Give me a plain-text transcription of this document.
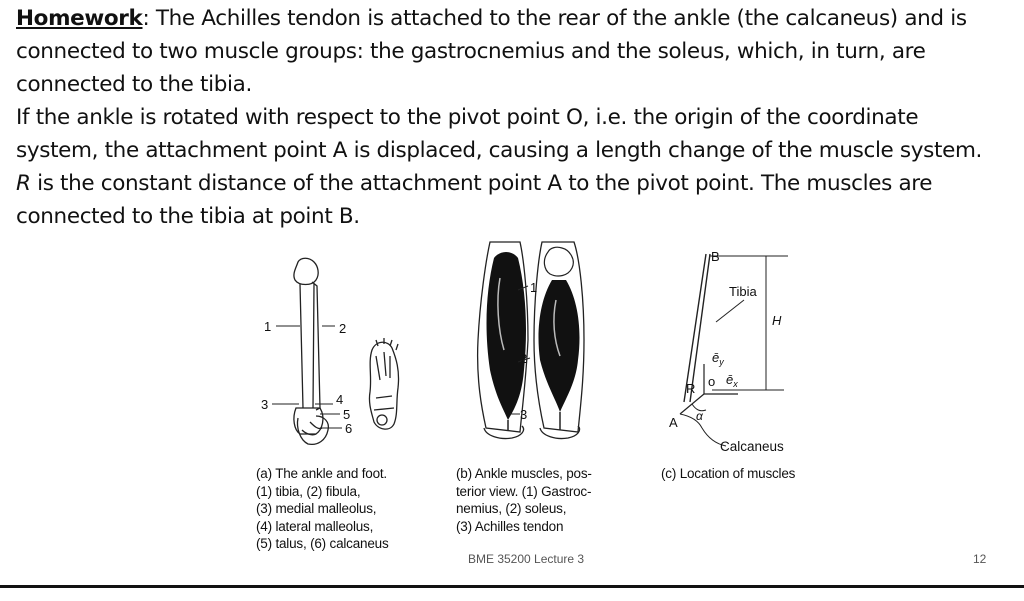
Homework: The Achilles tendon is attached to the rear of the ankle (the calcaneus) and is
connected to two muscle groups: the gastrocnemius and the soleus, which, in turn, are
connected to the tibia.
If the ankle is rotated with respect to the pivot point O, i.e. the origin of the coordinate
system, the attachment point A is displaced, causing a length change of the muscle system.
R is the constant distance of the attachment point A to the pivot point. The muscles are
connected to the tibia at point B.
1	2
3	4
5
6
1
2
3
B
Tibia
H
$ē_y$
o $ē_x$
R
A α
Calcaneus
(a) The ankle and foot.
(1) tibia, (2) fibula,
(3) medial malleolus,
(4) lateral malleolus,
(5) talus, (6) calcaneus
(b) Ankle muscles, pos-
terior view. (1) Gastroc-
nemius, (2) soleus,
(3) Achilles tendon
(c) Location of muscles
BME 35200 Lecture 3	12
